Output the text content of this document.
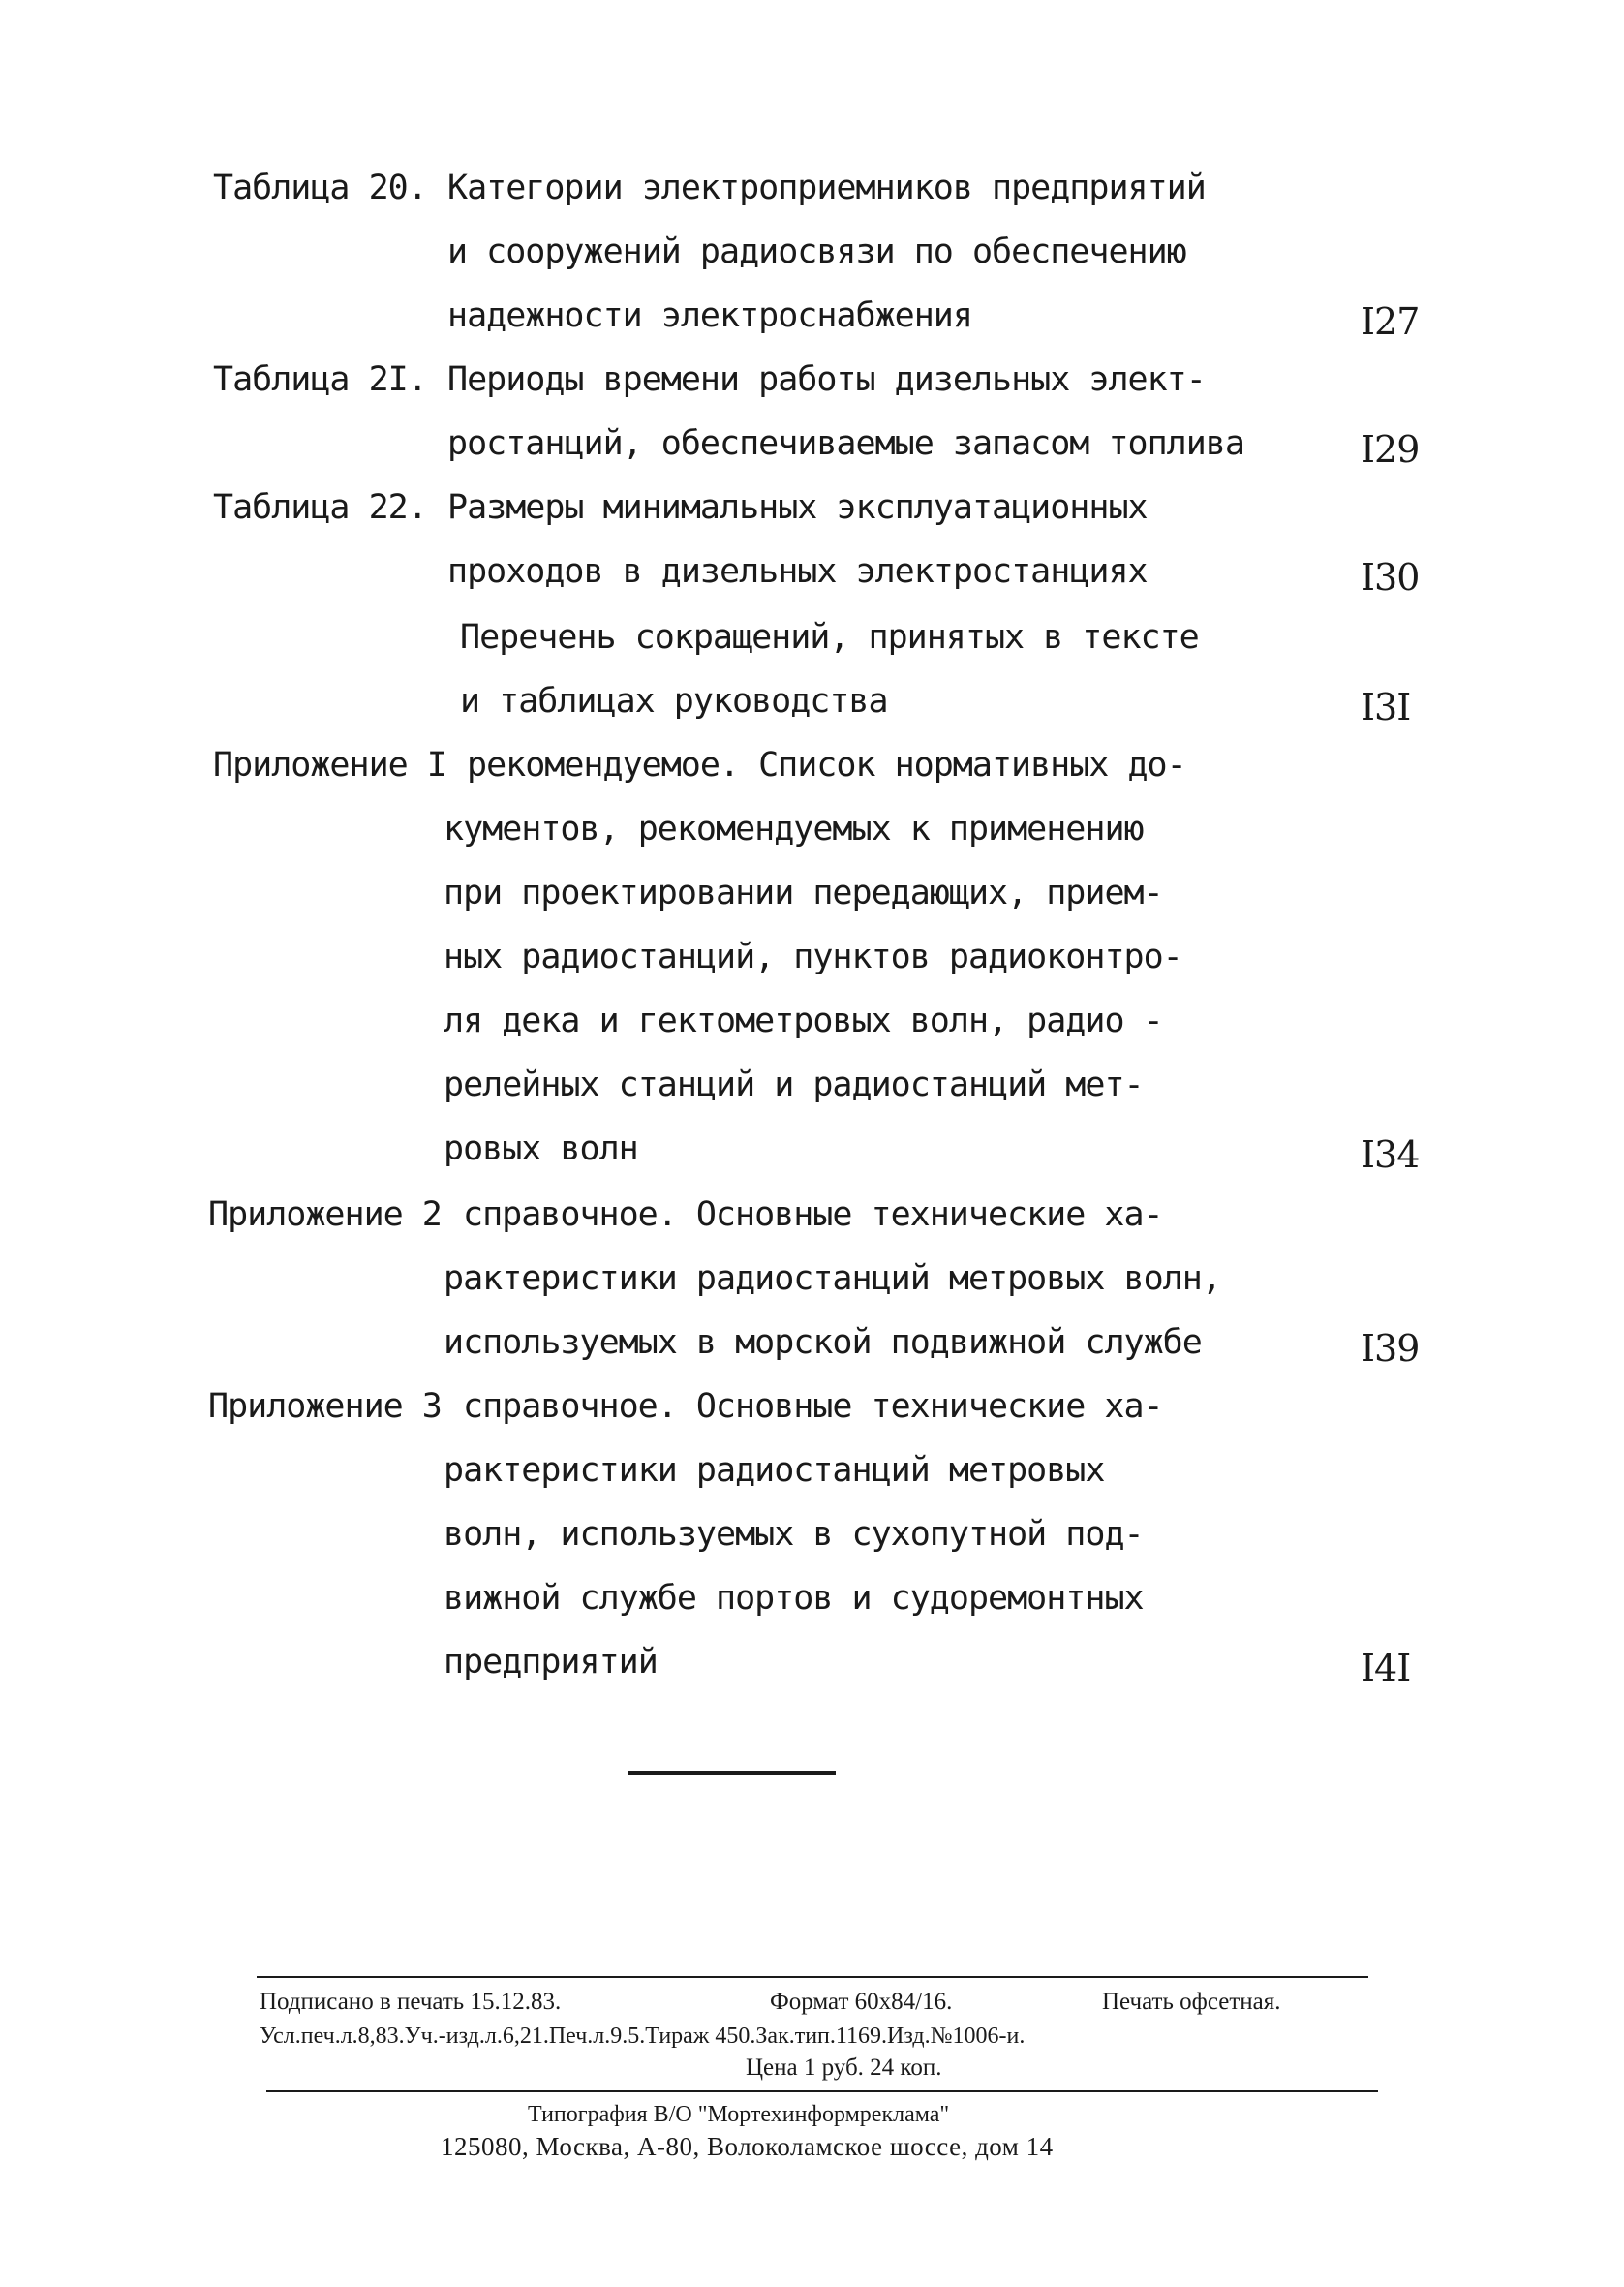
Таблица 20. Категории электроприемников предприятий
и сооружений радиосвязи по обеспечению
надежности электроснабжения	I27
Таблица 2I. Периоды времени работы дизельных элект-
ростанций, обеспечиваемые запасом топлива	I29
Таблица 22. Размеры минимальных эксплуатационных
проходов в дизельных электростанциях	I30
Перечень сокращений, принятых в тексте
и таблицах руководства	I3I
Приложение I рекомендуемое. Список нормативных до-
кументов, рекомендуемых к применению
при проектировании передающих, прием-
ных радиостанций, пунктов радиоконтро-
ля дека и гектометровых волн, радио -
релейных станций и радиостанций мет-
ровых волн	I34
Приложение 2 справочное. Основные технические ха-
рактеристики радиостанций метровых волн,
используемых в морской подвижной службе	I39
Приложение 3 справочное. Основные технические ха-
рактеристики радиостанций метровых
волн, используемых в сухопутной под-
вижной службе портов и судоремонтных
предприятий	I4I
Подписано в печать 15.12.83.	Формат 60x84/16.	Печать офсетная.
Усл.печ.л.8,83.Уч.-изд.л.6,21.Печ.л.9.5.Тираж 450.Зак.тип.1169.Изд.№1006-и.
Цена 1 руб. 24 коп.
Типография В/О "Мортехинформреклама"
125080, Москва, А-80, Волоколамское шоссе, дом 14
